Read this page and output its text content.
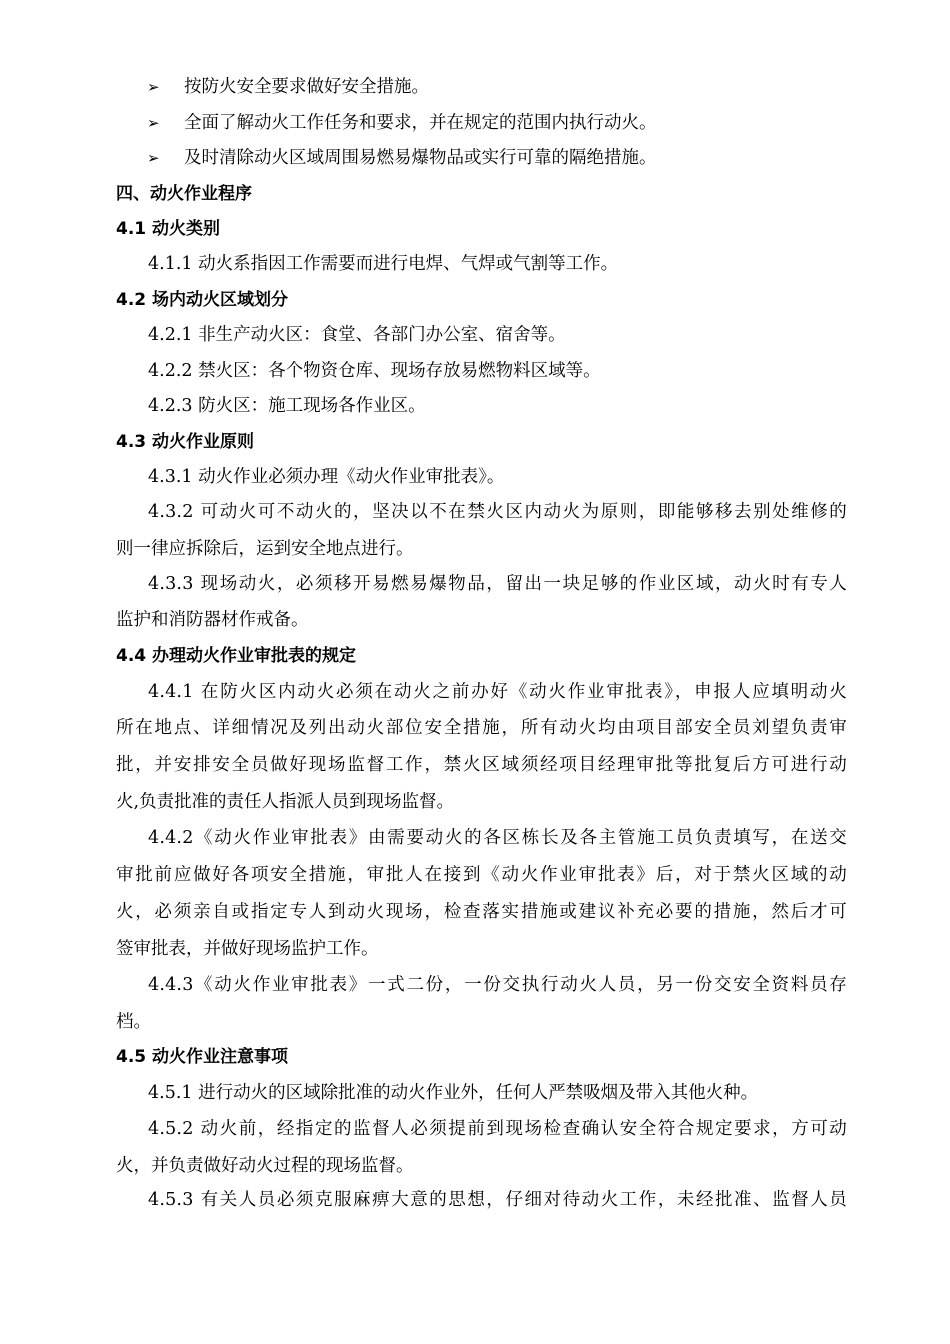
➢ 按防火安全要求做好安全措施。
➢ 全面了解动火工作任务和要求，并在规定的范围内执行动火。
➢ 及时清除动火区域周围易燃易爆物品或实行可靠的隔绝措施。
四、动火作业程序
4.1 动火类别
4.1.1 动火系指因工作需要而进行电焊、气焊或气割等工作。
4.2 场内动火区域划分
4.2.1 非生产动火区：食堂、各部门办公室、宿舍等。
4.2.2 禁火区：各个物资仓库、现场存放易燃物料区域等。
4.2.3 防火区：施工现场各作业区。
4.3 动火作业原则
4.3.1 动火作业必须办理《动火作业审批表》。
4.3.2 可动火可不动火的，坚决以不在禁火区内动火为原则，即能够移去别处维修的
则一律应拆除后，运到安全地点进行。
4.3.3 现场动火，必须移开易燃易爆物品，留出一块足够的作业区域，动火时有专人
监护和消防器材作戒备。
4.4 办理动火作业审批表的规定
4.4.1 在防火区内动火必须在动火之前办好《动火作业审批表》，申报人应填明动火
所在地点、详细情况及列出动火部位安全措施，所有动火均由项目部安全员刘望负责审
批，并安排安全员做好现场监督工作，禁火区域须经项目经理审批等批复后方可进行动
火,负责批准的责任人指派人员到现场监督。
4.4.2《动火作业审批表》由需要动火的各区栋长及各主管施工员负责填写，在送交
审批前应做好各项安全措施，审批人在接到《动火作业审批表》后，对于禁火区域的动
火，必须亲自或指定专人到动火现场，检查落实措施或建议补充必要的措施，然后才可
签审批表，并做好现场监护工作。
4.4.3《动火作业审批表》一式二份，一份交执行动火人员，另一份交安全资料员存
档。
4.5 动火作业注意事项
4.5.1 进行动火的区域除批准的动火作业外，任何人严禁吸烟及带入其他火种。
4.5.2 动火前，经指定的监督人必须提前到现场检查确认安全符合规定要求，方可动
火，并负责做好动火过程的现场监督。
4.5.3 有关人员必须克服麻痹大意的思想，仔细对待动火工作，未经批准、监督人员
